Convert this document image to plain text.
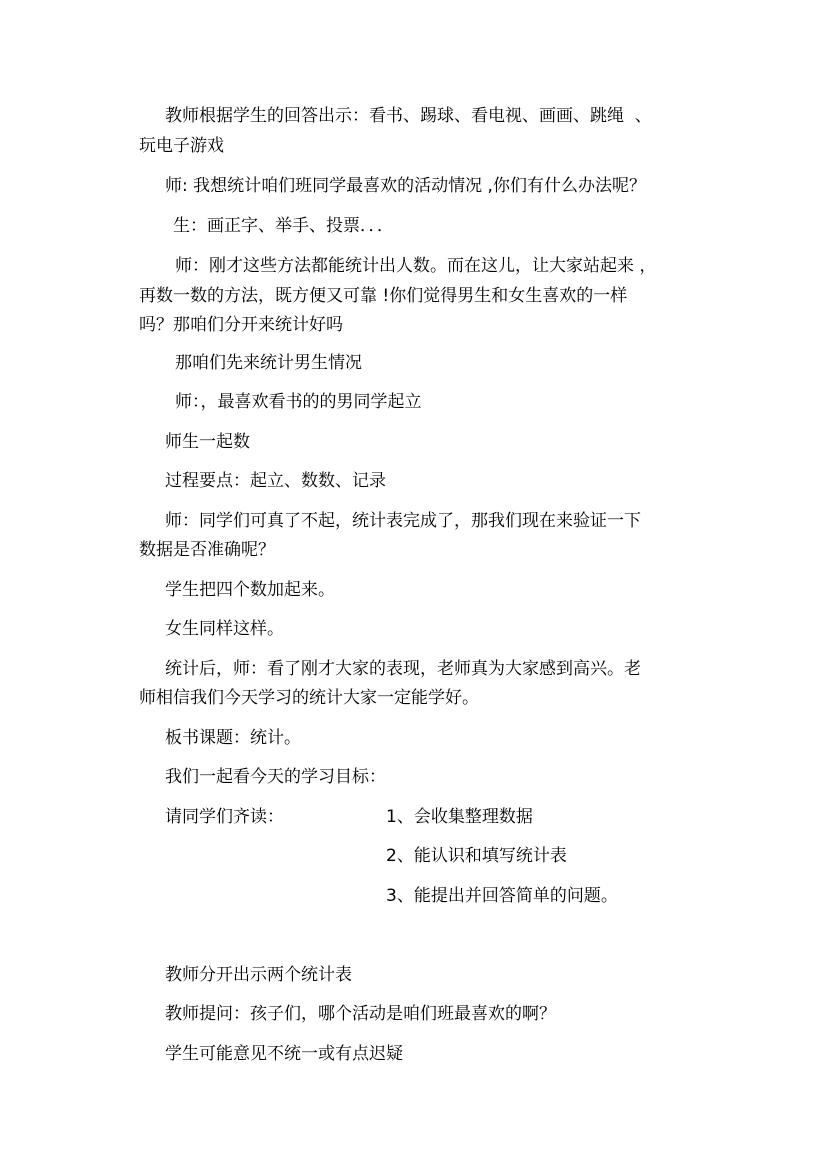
教师根据学生的回答出示：看书、踢球、看电视、画画、跳绳  、
玩电子游戏
师: 我想统计咱们班同学最喜欢的活动情况 ,你们有什么办法呢？
生：画正字、举手、投票．．．
师：刚才这些方法都能统计出人数。而在这儿，让大家站起来 ，
再数一数的方法，既方便又可靠 !你们觉得男生和女生喜欢的一样
吗？那咱们分开来统计好吗
那咱们先来统计男生情况
师：，最喜欢看书的的男同学起立
师生一起数
过程要点：起立、数数、记录
师：同学们可真了不起，统计表完成了，那我们现在来验证一下
数据是否准确呢？
学生把四个数加起来。
女生同样这样。
统计后，师：看了刚才大家的表现，老师真为大家感到高兴。老
师相信我们今天学习的统计大家一定能学好。
板书课题：统计。
我们一起看今天的学习目标：
请同学们齐读：	1、会收集整理数据
2、能认识和填写统计表
3、能提出并回答简单的问题。
教师分开出示两个统计表
教师提问：孩子们，哪个活动是咱们班最喜欢的啊？
学生可能意见不统一或有点迟疑
